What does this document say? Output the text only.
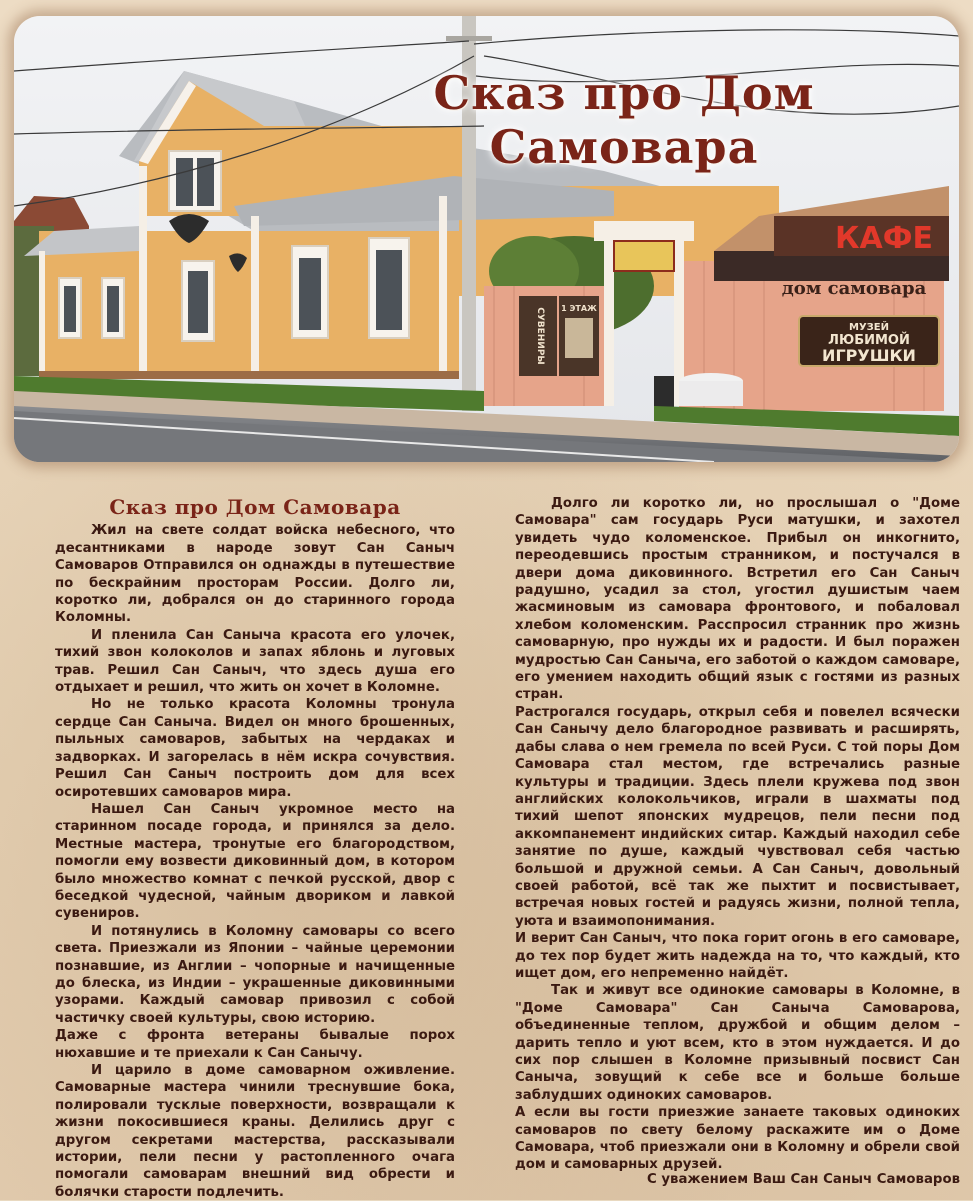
СУВЕНИРЫ 1 ЭТАЖ
КАФЕ
дом самовара
МУЗЕЙ
ЛЮБИМОЙ
ИГРУШКИ
Сказ про Дом Самовара
Сказ про Дом Самовара

Жил на свете солдат войска небесного, что десантниками в народе зовут Сан Саныч Самоваров Отправился он однажды в путешествие по бескрайним просторам России. Долго ли, коротко ли, добрался он до старинного города Коломны.

И пленила Сан Саныча красота его улочек, тихий звон колоколов и запах яблонь и луговых трав. Решил Сан Саныч, что здесь душа его отдыхает и решил, что жить он хочет в Коломне.

Но не только красота Коломны тронула сердце Сан Саныча. Видел он много брошенных, пыльных самоваров, забытых на чердаках и задворках. И загорелась в нём искра сочувствия. Решил Сан Саныч построить дом для всех осиротевших самоваров мира.

Нашел Сан Саныч укромное место на старинном посаде города, и принялся за дело. Местные мастера, тронутые его благородством, помогли ему возвести диковинный дом, в котором было множество комнат с печкой русской, двор с беседкой чудесной, чайным двориком и лавкой сувениров.

И потянулись в Коломну самовары со всего света. Приезжали из Японии – чайные церемонии познавшие, из Англии – чопорные и начищенные до блеска, из Индии – украшенные диковинными узорами. Каждый самовар привозил с собой частичку своей культуры, свою историю.

Даже с фронта ветераны бывалые порох нюхавшие и те приехали к Сан Санычу.

И царило в доме самоварном оживление. Самоварные мастера чинили треснувшие бока, полировали тусклые поверхности, возвращали к жизни покосившиеся краны. Делились друг с другом секретами мастерства, рассказывали истории, пели песни у растопленного очага помогали самоварам внешний вид обрести и болячки старости подлечить.

Долго ли коротко ли, но прослышал о "Доме Самовара" сам государь Руси матушки, и захотел увидеть чудо коломенское. Прибыл он инкогнито, переодевшись простым странником, и постучался в двери дома диковинного. Встретил его Сан Саныч радушно, усадил за стол, угостил душистым чаем жасминовым из самовара фронтового, и побаловал хлебом коломенским. Расспросил странник про жизнь самоварную, про нужды их и радости. И был поражен мудростью Сан Саныча, его заботой о каждом самоваре, его умением находить общий язык с гостями из разных стран.

Растрогался государь, открыл себя и повелел всячески Сан Санычу дело благородное развивать и расширять, дабы слава о нем гремела по всей Руси. С той поры Дом Самовара стал местом, где встречались разные культуры и традиции. Здесь плели кружева под звон английских колокольчиков, играли в шахматы под тихий шепот японских мудрецов, пели песни под аккомпанемент индийских ситар. Каждый находил себе занятие по душе, каждый чувствовал себя частью большой и дружной семьи. А Сан Саныч, довольный своей работой, всё так же пыхтит и посвистывает, встречая новых гостей и радуясь жизни, полной тепла, уюта и взаимопонимания.

И верит Сан Саныч, что пока горит огонь в его самоваре, до тех пор будет жить надежда на то, что каждый, кто ищет дом, его непременно найдёт.

Так и живут все одинокие самовары в Коломне, в "Доме Самовара" Сан Саныча Самоварова, объединенные теплом, дружбой и общим делом – дарить тепло и уют всем, кто в этом нуждается. И до сих пор слышен в Коломне призывный посвист Сан Саныча, зовущий к себе все и больше больше заблудших одиноких самоваров.

А если вы гости приезжие занаете таковых одиноких самоваров по свету белому раскажите им о Доме Самовара, чтоб приезжали они в Коломну и обрели свой дом и самоварных друзей.

С уважением Ваш Сан Саныч Самоваров
